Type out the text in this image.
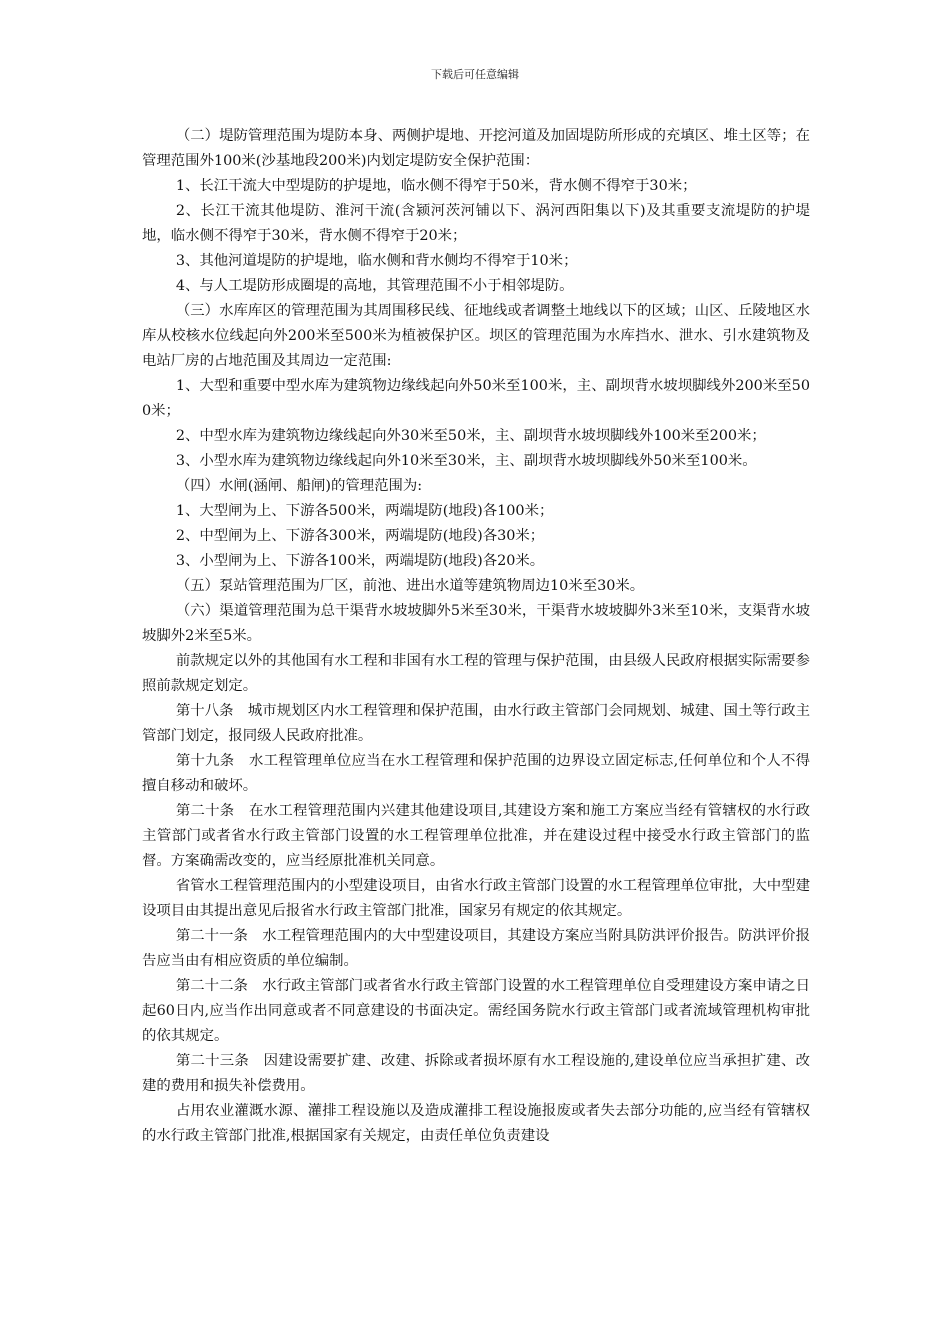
下载后可任意编辑

（二）堤防管理范围为堤防本身、两侧护堤地、开挖河道及加固堤防所形成的充填区、堆土区等；在管理范围外100米(沙基地段200米)内划定堤防安全保护范围：

1、长江干流大中型堤防的护堤地，临水侧不得窄于50米，背水侧不得窄于30米；

2、长江干流其他堤防、淮河干流(含颍河茨河铺以下、涡河西阳集以下)及其重要支流堤防的护堤地，临水侧不得窄于30米，背水侧不得窄于20米；

3、其他河道堤防的护堤地，临水侧和背水侧均不得窄于10米；

4、与人工堤防形成圈堤的高地，其管理范围不小于相邻堤防。

（三）水库库区的管理范围为其周围移民线、征地线或者调整土地线以下的区域；山区、丘陵地区水库从校核水位线起向外200米至500米为植被保护区。坝区的管理范围为水库挡水、泄水、引水建筑物及电站厂房的占地范围及其周边一定范围:

1、大型和重要中型水库为建筑物边缘线起向外50米至100米，主、副坝背水坡坝脚线外200米至500米；

2、中型水库为建筑物边缘线起向外30米至50米，主、副坝背水坡坝脚线外100米至200米；

3、小型水库为建筑物边缘线起向外10米至30米，主、副坝背水坡坝脚线外50米至100米。

（四）水闸(涵闸、船闸)的管理范围为:

1、大型闸为上、下游各500米，两端堤防(地段)各100米；

2、中型闸为上、下游各300米，两端堤防(地段)各30米；

3、小型闸为上、下游各100米，两端堤防(地段)各20米。

（五）泵站管理范围为厂区，前池、进出水道等建筑物周边10米至30米。

（六）渠道管理范围为总干渠背水坡坡脚外5米至30米，干渠背水坡坡脚外3米至10米，支渠背水坡坡脚外2米至5米。

前款规定以外的其他国有水工程和非国有水工程的管理与保护范围，由县级人民政府根据实际需要参照前款规定划定。

第十八条　城市规划区内水工程管理和保护范围，由水行政主管部门会同规划、城建、国土等行政主管部门划定，报同级人民政府批准。

第十九条　水工程管理单位应当在水工程管理和保护范围的边界设立固定标志,任何单位和个人不得擅自移动和破坏。

第二十条　在水工程管理范围内兴建其他建设项目,其建设方案和施工方案应当经有管辖权的水行政主管部门或者省水行政主管部门设置的水工程管理单位批准，并在建设过程中接受水行政主管部门的监督。方案确需改变的，应当经原批准机关同意。

省管水工程管理范围内的小型建设项目，由省水行政主管部门设置的水工程管理单位审批，大中型建设项目由其提出意见后报省水行政主管部门批准，国家另有规定的依其规定。

第二十一条　水工程管理范围内的大中型建设项目，其建设方案应当附具防洪评价报告。防洪评价报告应当由有相应资质的单位编制。

第二十二条　水行政主管部门或者省水行政主管部门设置的水工程管理单位自受理建设方案申请之日起60日内,应当作出同意或者不同意建设的书面决定。需经国务院水行政主管部门或者流域管理机构审批的依其规定。

第二十三条　因建设需要扩建、改建、拆除或者损坏原有水工程设施的,建设单位应当承担扩建、改建的费用和损失补偿费用。

占用农业灌溉水源、灌排工程设施以及造成灌排工程设施报废或者失去部分功能的,应当经有管辖权的水行政主管部门批准,根据国家有关规定，由责任单位负责建设
